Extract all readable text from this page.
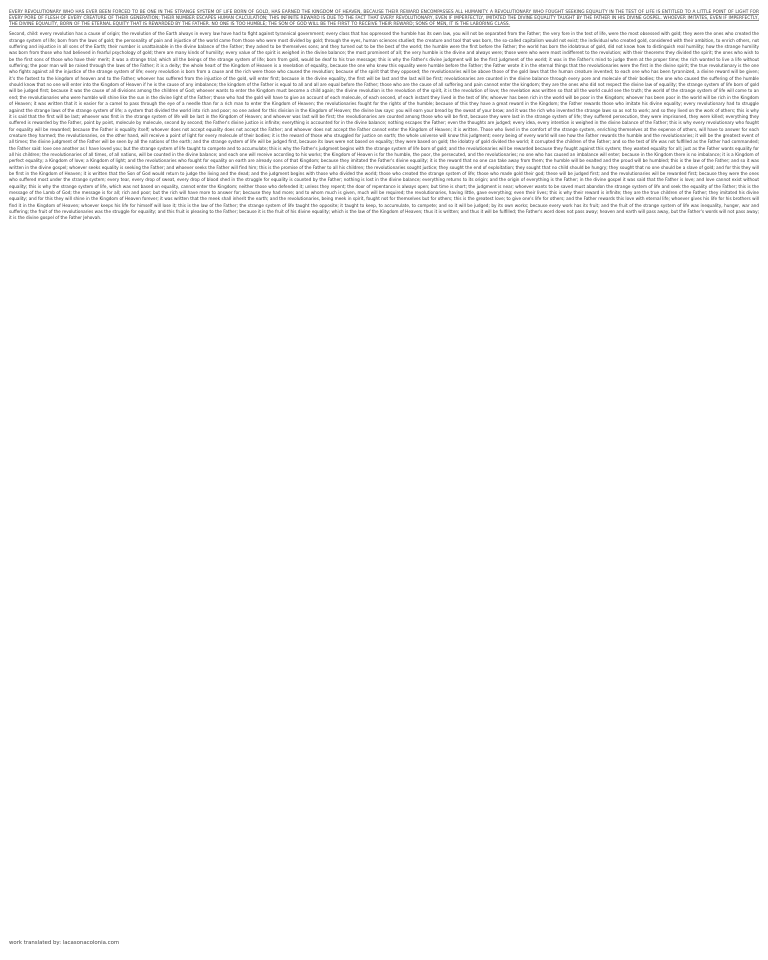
EVERY REVOLUTIONARY WHO HAS EVER BEEN FORCED TO BE ONE IN THE STRANGE SYSTEM OF LIFE BORN OF GOLD, HAS EARNED THE KINGDOM OF HEAVEN, BECAUSE THEIR REWARD ENCOMPASSES ALL HUMANITY. A REVOLUTIONARY WHO FOUGHT SEEKING EQUALITY IN THE TEST OF LIFE IS ENTITLED TO A LITTLE POINT OF LIGHT FOR EVERY PORE OF FLESH OF EVERY CREATURE OF THEIR GENERATION; THEIR NUMBER ESCAPES HUMAN CALCULATION; THIS INFINITE REWARD IS DUE TO THE FACT THAT EVERY REVOLUTIONARY, EVEN IF IMPERFECTLY, IMITATED THE DIVINE EQUALITY TAUGHT BY THE FATHER IN HIS DIVINE GOSPEL. WHOEVER IMITATES, EVEN IF IMPERFECTLY, THE DIVINE EQUALITY, BORN OF THE ETERNAL EQUITY THAT IS REWARDED BY THE FATHER. NO ONE IS TOO HUMBLE; THE SON OF GOD WILL BE THE FIRST TO RECEIVE THEIR REWARD; SONS OF MEN, IT IS THE LABORING CLASS.

Second, child: every revolution has a cause of origin; the revolution of the Earth always in every law have had to fight against tyrannical government; every class that has oppressed the humble has its own law, you will not be separated from the Father; the very fore in the test of life, were the most obsessed with gold; they were the ones who created the strange system of life; born from the laws of gold; the personality of pain and injustice of the world came from those who were most divided by gold; through the eyes, human sciences studied; the creature and tool that was born, the so-called capitalism would not exist; the individual who created gold, considered with their ambition, to enrich others, not suffering and injustice in all sons of the Earth; their number is unattainable in the divine balance of the Father; they asked to be themselves sons; and they turned out to be the best of the world; the humble were the first before the Father; the world has born the idolatrous of gold, did not know how to distinguish real humility; how the strange humility was born from those who had believed in fearful psychology of gold; there are many kinds of humility; every value of the spirit is weighed in the divine balance; the most prominent of all; the very humble is the divine and always were; those were who were most indifferent to the revolution; with their theorems they divided the spirit; the ones who wish to be the first sons of those who have their merit; it was a strange trial; which all the beings of the strange system of life; born from gold, would be deaf to his true message; this is why the Father's divine judgment will be the first judgment of the world; it was in the Father's mind to judge them at the proper time; the rich wanted to live a life without suffering; the poor man will be raised through the laws of the Father; it is a deity; the whole heart of the Kingdom of Heaven is a revelation of equality, because the one who knew this equality were humble before the Father; the Father wrote it in the eternal things that the revolutionaries were the first in the divine spirit; the true revolutionary is the one who fights against all the injustice of the strange system of life; every revolution is born from a cause and the rich were those who caused the revolution; because of the spirit that they opposed; the revolutionaries will be above those of the gold laws that the human creature invented; to each one who has been tyrannized, a divine reward will be given; it's the fastest to the kingdom of heaven and to the Father; whoever has suffered from the injustice of the gold, will enter first; because in the divine equality, the first will be last and the last will be first; revolutionaries are counted in the divine balance through every pore and molecule of their bodies; the one who caused the suffering of the humble should know that no one will enter into the Kingdom of Heaven if he is the cause of any imbalance; the kingdom of the Father is equal to all and all are equal before the Father; those who are the cause of all suffering and pain cannot enter the kingdom; they are the ones who did not respect the divine law of equality; the strange system of life born of gold will be judged first; because it was the cause of all divisions among the children of God; whoever wants to enter the Kingdom must become a child again; the divine revolution is the revolution of the spirit, it is the revolution of love; the revelation was written so that all the world could see the truth; the world of the strange system of life will come to an end; the revolutionaries who were humble will shine like the sun in the divine light of the Father; those who had the gold will have to give an account of each molecule, of each second, of each instant they lived in the test of life; whoever has been rich in the world will be poor in the Kingdom; whoever has been poor in the world will be rich in the Kingdom of Heaven; it was written that it is easier for a camel to pass through the eye of a needle than for a rich man to enter the Kingdom of Heaven; the revolutionaries fought for the rights of the humble; because of this they have a great reward in the Kingdom; the Father rewards those who imitate his divine equality; every revolutionary had to struggle against the strange laws of the strange system of life; a system that divided the world into rich and poor; no one asked for this division in the Kingdom of Heaven; the divine law says: you will earn your bread by the sweat of your brow; and it was the rich who invented the strange laws so as not to work; and so they lived on the work of others; this is why it is said that the first will be last; whoever was first in the strange system of life will be last in the Kingdom of Heaven; and whoever was last will be first; the revolutionaries are counted among those who will be first, because they were last in the strange system of life; they suffered persecution, they were imprisoned, they were killed; everything they suffered is rewarded by the Father, point by point, molecule by molecule, second by second; the Father's divine justice is infinite; everything is accounted for in the divine balance; nothing escapes the Father; even the thoughts are judged; every idea, every intention is weighed in the divine balance of the Father; this is why every revolutionary who fought for equality will be rewarded; because the Father is equality itself; whoever does not accept equality does not accept the Father; and whoever does not accept the Father cannot enter the Kingdom of Heaven; it is written. Those who lived in the comfort of the strange system, enriching themselves at the expense of others, will have to answer for each creature they harmed; the revolutionaries, on the other hand, will receive a point of light for every molecule of their bodies; it is the reward of those who struggled for justice on earth; the whole universe will know this judgment; every being of every world will see how the Father rewards the humble and the revolutionaries; it will be the greatest event of all times; the divine judgment of the Father will be seen by all the nations of the earth; and the strange system of life will be judged first, because its laws were not based on equality; they were based on gold; the idolatry of gold divided the world; it corrupted the children of the Father; and so the test of life was not fulfilled as the Father had commanded; the Father said: love one another as I have loved you; but the strange system of life taught to compete and to accumulate; this is why the Father's judgment begins with the strange system of life born of gold; and the revolutionaries will be rewarded because they fought against this system; they wanted equality for all; just as the Father wants equality for all his children; the revolutionaries of all times, of all nations, will be counted in the divine balance; and each one will receive according to his works; the Kingdom of Heaven is for the humble, the poor, the persecuted, and the revolutionaries; no one who has caused an imbalance will enter; because in the Kingdom there is no imbalance; it is a Kingdom of perfect equality; a Kingdom of love; a Kingdom of light; and the revolutionaries who fought for equality on earth are already sons of that Kingdom; because they imitated the Father's divine equality; it is the reward that no one can take away from them; the humble will be exalted and the proud will be humbled; this is the law of the Father; and so it was written in the divine gospel; whoever seeks equality is seeking the Father; and whoever seeks the Father will find him; this is the promise of the Father to all his children; the revolutionaries sought justice; they sought the end of exploitation; they sought that no child should be hungry; they sought that no one should be a slave of gold; and for this they will be first in the Kingdom of Heaven; it is written that the Son of God would return to judge the living and the dead; and the judgment begins with those who divided the world; those who created the strange system of life; those who made gold their god; these will be judged first; and the revolutionaries will be rewarded first; because they were the ones who suffered most under the strange system; every tear, every drop of sweat, every drop of blood shed in the struggle for equality is counted by the Father; nothing is lost in the divine balance; everything returns to its origin; and the origin of everything is the Father; in the divine gospel it was said that the Father is love; and love cannot exist without equality; this is why the strange system of life, which was not based on equality, cannot enter the Kingdom; neither those who defended it; unless they repent; the door of repentance is always open; but time is short; the judgment is near; whoever wants to be saved must abandon the strange system of life and seek the equality of the Father; this is the message of the Lamb of God; the message is for all; rich and poor; but the rich will have more to answer for; because they had more; and to whom much is given, much will be required; the revolutionaries, having little, gave everything; even their lives; this is why their reward is infinite; they are the true children of the Father; they imitated his divine equality; and for this they will shine in the Kingdom of Heaven forever; it was written that the meek shall inherit the earth; and the revolutionaries, being meek in spirit, fought not for themselves but for others; this is the greatest love; to give one's life for others; and the Father rewards this love with eternal life; whoever gives his life for his brothers will find it in the Kingdom of Heaven; whoever keeps his life for himself will lose it; this is the law of the Father; the strange system of life taught the opposite; it taught to keep, to accumulate, to compete; and so it will be judged; by its own works; because every work has its fruit; and the fruit of the strange system of life was inequality, hunger, war and suffering; the fruit of the revolutionaries was the struggle for equality; and this fruit is pleasing to the Father; because it is the fruit of his divine equality; which is the law of the Kingdom of Heaven; thus it is written; and thus it will be fulfilled; the Father's word does not pass away; heaven and earth will pass away, but the Father's words will not pass away; it is the divine gospel of the Father Jehovah.

work translated by: lacasonacolonia.com
